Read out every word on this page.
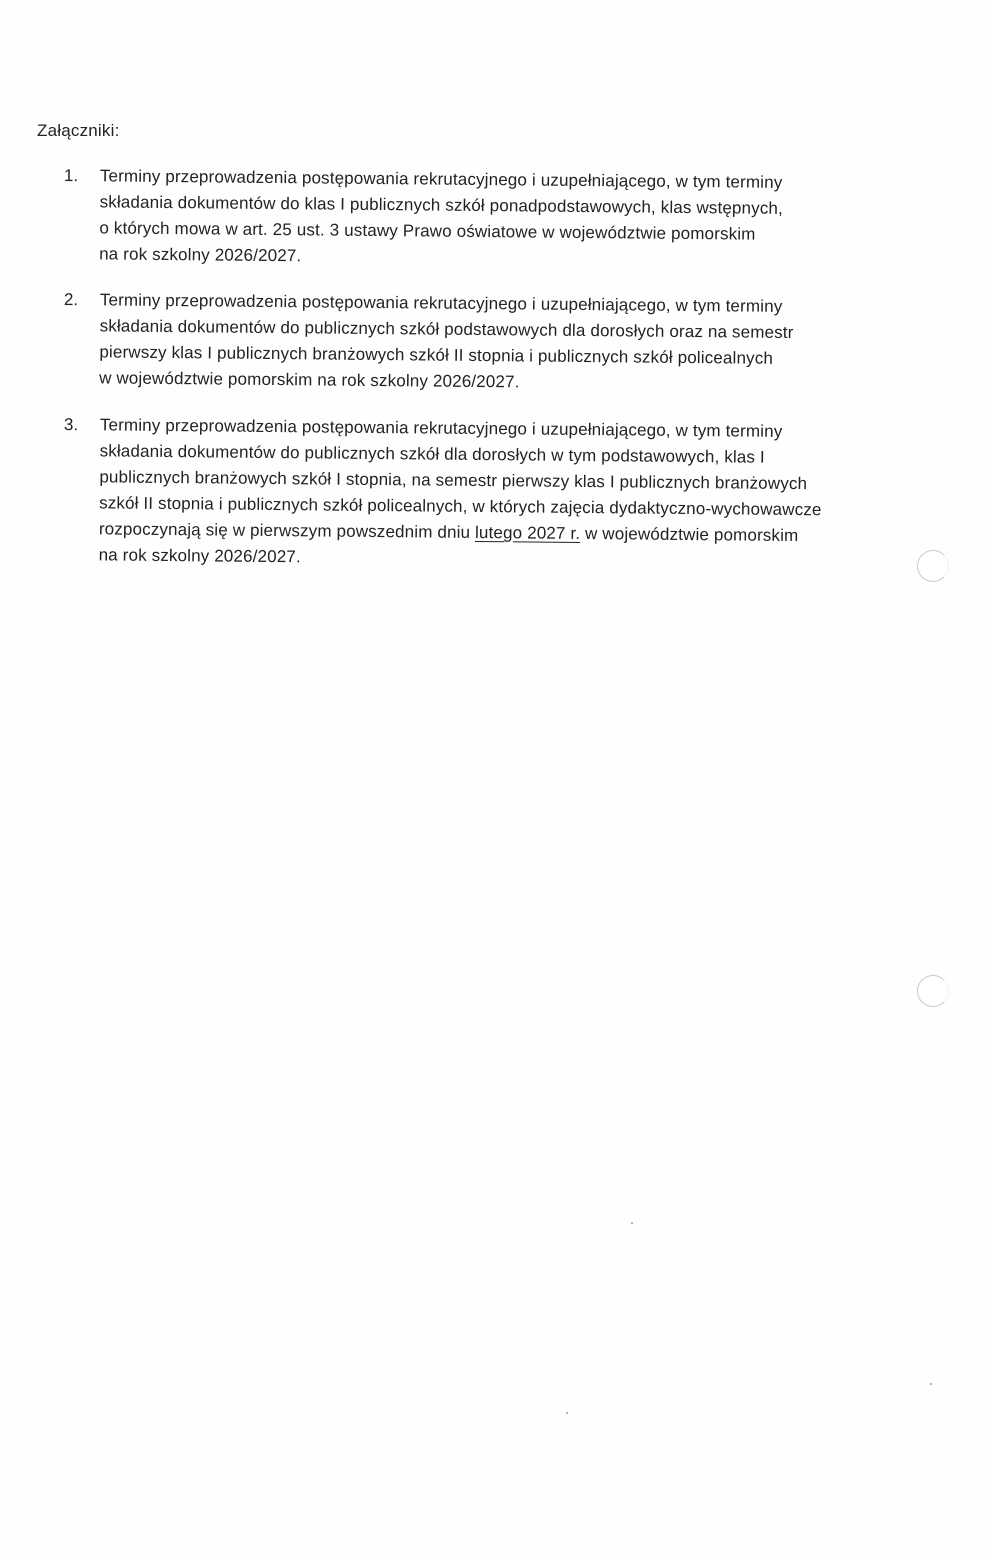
Załączniki:
1.	Terminy przeprowadzenia postępowania rekrutacyjnego i uzupełniającego, w tym terminy
składania dokumentów do klas I publicznych szkół ponadpodstawowych, klas wstępnych,
o których mowa w art. 25 ust. 3 ustawy Prawo oświatowe w województwie pomorskim
na rok szkolny 2026/2027.
2.	Terminy przeprowadzenia postępowania rekrutacyjnego i uzupełniającego, w tym terminy
składania dokumentów do publicznych szkół podstawowych dla dorosłych oraz na semestr
pierwszy klas I publicznych branżowych szkół II stopnia i publicznych szkół policealnych
w województwie pomorskim na rok szkolny 2026/2027.
3.	Terminy przeprowadzenia postępowania rekrutacyjnego i uzupełniającego, w tym terminy
składania dokumentów do publicznych szkół dla dorosłych w tym podstawowych, klas I
publicznych branżowych szkół I stopnia, na semestr pierwszy klas I publicznych branżowych
szkół II stopnia i publicznych szkół policealnych, w których zajęcia dydaktyczno-wychowawcze
rozpoczynają się w pierwszym powszednim dniu lutego 2027 r. w województwie pomorskim
na rok szkolny 2026/2027.
